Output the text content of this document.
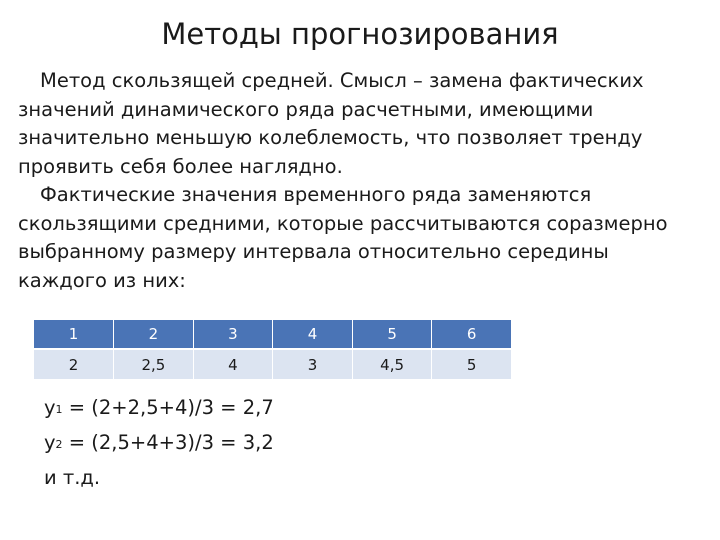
Методы прогнозирования

Метод скользящей средней. Смысл – замена фактических
значений динамического ряда расчетными, имеющими
значительно меньшую колеблемость, что позволяет тренду
проявить себя более наглядно.

Фактические значения временного ряда заменяются
скользящими средними, которые рассчитываются соразмерно
выбранному размеру интервала относительно середины
каждого из них:

1	2	3	4	5	6
2	2,5	4	3	4,5	5
$y_1 = (2+2,5+4)/3 = 2,7$
$y_2 = (2,5+4+3)/3 = 3,2$
и т.д.
